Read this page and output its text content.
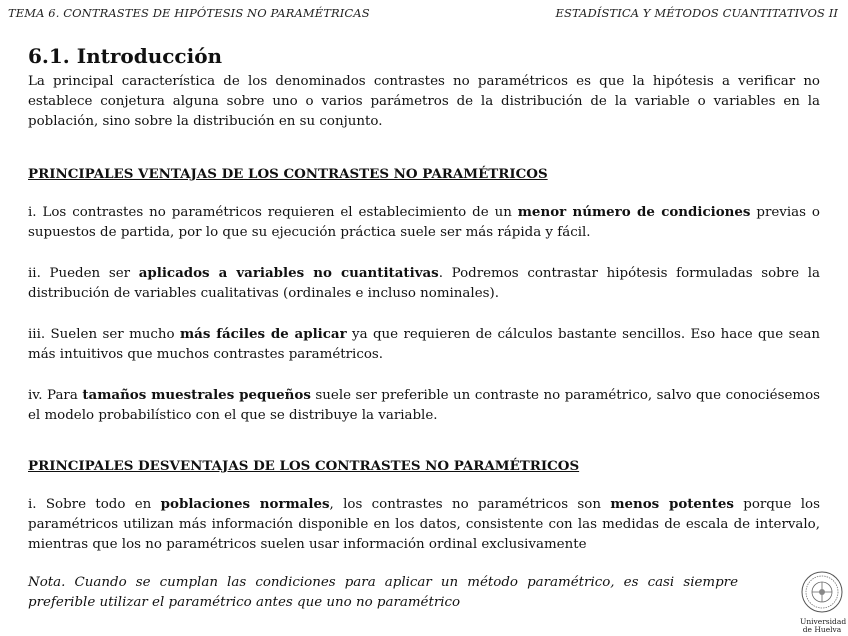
TEMA 6. CONTRASTES DE HIPÓTESIS NO PARAMÉTRICAS	ESTADÍSTICA Y MÉTODOS CUANTITATIVOS II
6.1. Introducción

La principal característica de los denominados contrastes no paramétricos es que la hipótesis a verificar no establece conjetura alguna sobre uno o varios parámetros de la distribución de la variable o variables en la población, sino sobre la distribución en su conjunto.

PRINCIPALES VENTAJAS DE LOS CONTRASTES NO PARAMÉTRICOS

i. Los contrastes no paramétricos requieren el establecimiento de un menor número de condiciones previas o supuestos de partida, por lo que su ejecución práctica suele ser más rápida y fácil.

ii. Pueden ser aplicados a variables no cuantitativas. Podremos contrastar hipótesis formuladas sobre la distribución de variables cualitativas (ordinales e incluso nominales).

iii. Suelen ser mucho más fáciles de aplicar ya que requieren de cálculos bastante sencillos. Eso hace que sean más intuitivos que muchos contrastes paramétricos.

iv. Para tamaños muestrales pequeños suele ser preferible un contraste no paramétrico, salvo que conociésemos el modelo probabilístico con el que se distribuye la variable.

PRINCIPALES DESVENTAJAS DE LOS CONTRASTES NO PARAMÉTRICOS

i. Sobre todo en poblaciones normales, los contrastes no paramétricos son menos potentes porque los paramétricos utilizan más información disponible en los datos, consistente con las medidas de escala de intervalo, mientras que los no paramétricos suelen usar información ordinal exclusivamente

Nota. Cuando se cumplan las condiciones para aplicar un método paramétrico, es casi siempre preferible utilizar el paramétrico antes que uno no paramétrico

Universidad
de Huelva
